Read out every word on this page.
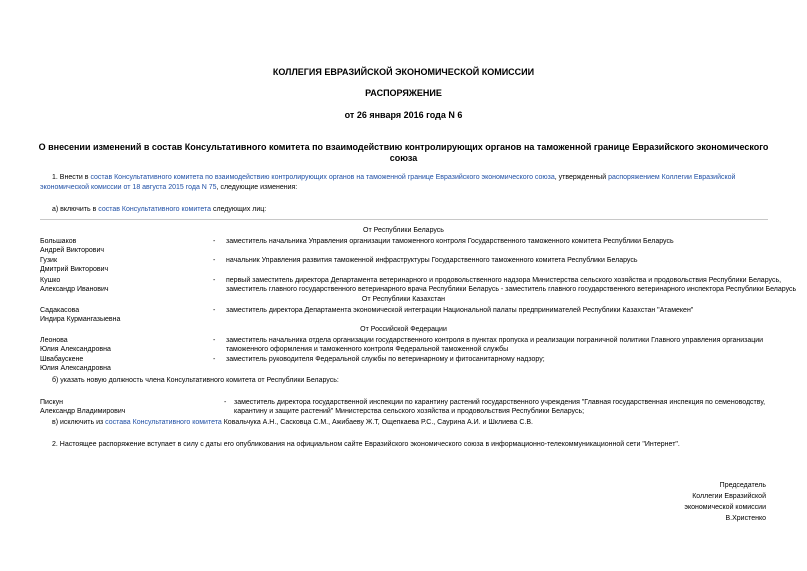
КОЛЛЕГИЯ ЕВРАЗИЙСКОЙ ЭКОНОМИЧЕСКОЙ КОМИССИИ
РАСПОРЯЖЕНИЕ
от 26 января 2016 года N 6
О внесении изменений в состав Консультативного комитета по взаимодействию контролирующих органов на таможенной границе Евразийского экономического
союза
1. Внести в состав Консультативного комитета по взаимодействию контролирующих органов на таможенной границе Евразийского экономического союза, утвержденный распоряжением Коллегии Евразийской
экономической комиссии от 18 августа 2015 года N 75, следующие изменения:
а) включить в состав Консультативного комитета следующих лиц:
От Республики Беларусь
Большаков
Андрей Викторович
- заместитель начальника Управления организации таможенного контроля Государственного таможенного комитета Республики Беларусь
Гузик
Дмитрий Викторович
- начальник Управления развития таможенной инфраструктуры Государственного таможенного комитета Республики Беларусь
Кушко
Александр Иванович
- первый заместитель директора Департамента ветеринарного и продовольственного надзора Министерства сельского хозяйства и продовольствия Республики Беларусь,
заместитель главного государственного ветеринарного врача Республики Беларусь - заместитель главного государственного ветеринарного инспектора Республики Беларусь
От Республики Казахстан
Садакасова
Индира Курмангазыевна
- заместитель директора Департамента экономической интеграции Национальной палаты предпринимателей Республики Казахстан "Атамекен"
От Российской Федерации
Леонова
Юлия Александровна
- заместитель начальника отдела организации государственного контроля в пунктах пропуска и реализации пограничной политики Главного управления организации
таможенного оформления и таможенного контроля Федеральной таможенной службы
Швабаускене
Юлия Александровна
- заместитель руководителя Федеральной службы по ветеринарному и фитосанитарному надзору;
б) указать новую должность члена Консультативного комитета от Республики Беларусь:
Пискун
Александр Владимирович
- заместитель директора государственной инспекции по карантину растений государственного учреждения "Главная государственная инспекция по семеноводству,
карантину и защите растений" Министерства сельского хозяйства и продовольствия Республики Беларусь;
в) исключить из состава Консультативного комитета Ковальчука А.Н., Сасковца С.М., Ажибаеву Ж.Т, Ощепкаева Р.С., Саурина А.И. и Шклиева С.В.
2. Настоящее распоряжение вступает в силу с даты его опубликования на официальном сайте Евразийского экономического союза в информационно-телекоммуникационной сети "Интернет".
Председатель
Коллегии Евразийской
экономической комиссии
В.Христенко
